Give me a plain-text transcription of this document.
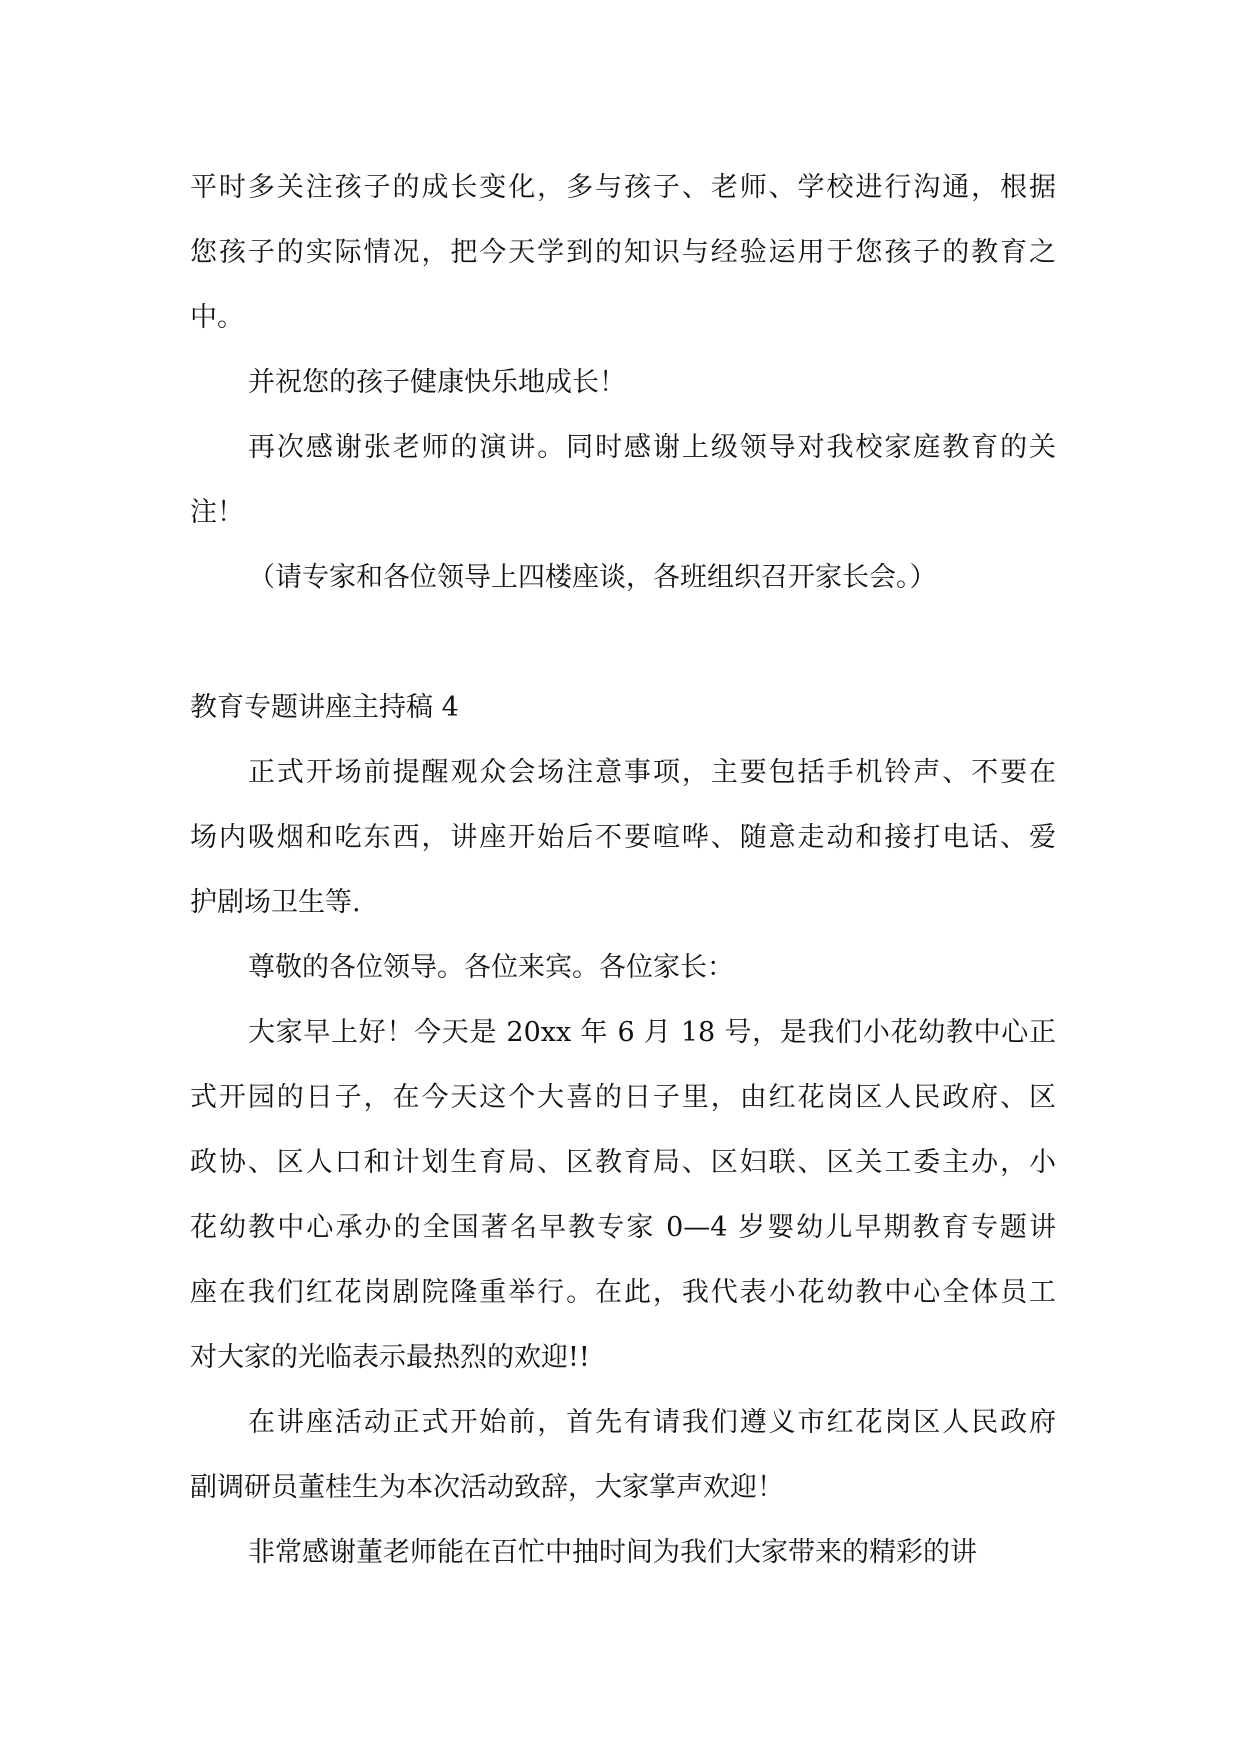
平时多关注孩子的成长变化，多与孩子、老师、学校进行沟通，根据
您孩子的实际情况，把今天学到的知识与经验运用于您孩子的教育之
中。
并祝您的孩子健康快乐地成长！
再次感谢张老师的演讲。同时感谢上级领导对我校家庭教育的关
注！
（请专家和各位领导上四楼座谈，各班组织召开家长会。）
教育专题讲座主持稿 4
正式开场前提醒观众会场注意事项，主要包括手机铃声、不要在
场内吸烟和吃东西，讲座开始后不要喧哗、随意走动和接打电话、爱
护剧场卫生等.
尊敬的各位领导。各位来宾。各位家长：
大家早上好！今天是 20xx 年 6 月 18 号，是我们小花幼教中心正
式开园的日子，在今天这个大喜的日子里，由红花岗区人民政府、区
政协、区人口和计划生育局、区教育局、区妇联、区关工委主办，小
花幼教中心承办的全国著名早教专家 0—4 岁婴幼儿早期教育专题讲
座在我们红花岗剧院隆重举行。在此，我代表小花幼教中心全体员工
对大家的光临表示最热烈的欢迎!!
在讲座活动正式开始前，首先有请我们遵义市红花岗区人民政府
副调研员董桂生为本次活动致辞，大家掌声欢迎！
非常感谢董老师能在百忙中抽时间为我们大家带来的精彩的讲
